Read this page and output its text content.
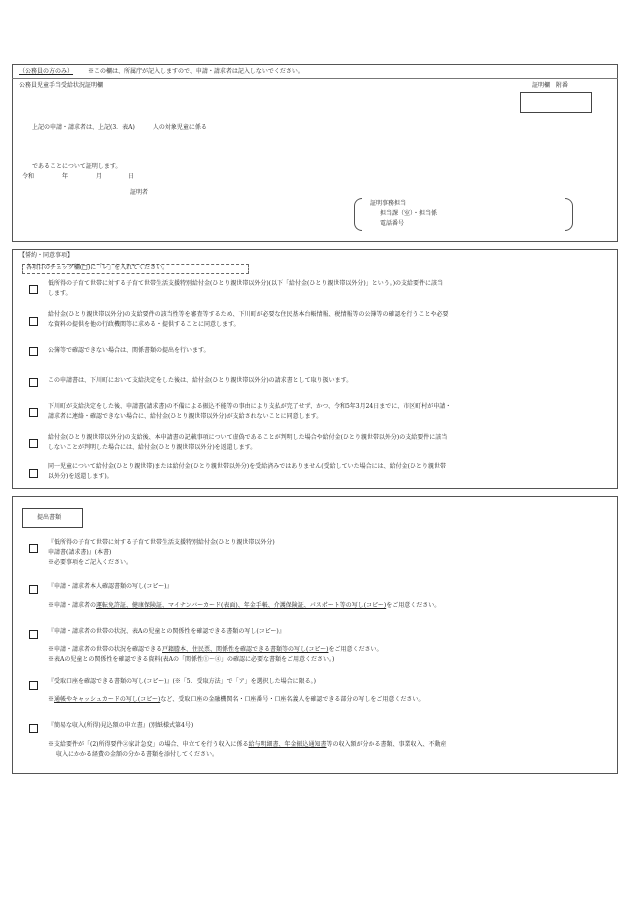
（公務員の方のみ） ※この欄は、所属庁が記入しますので、申請・請求者は記入しないでください。
公務員児童手当受給状況証明欄	証明欄　附番
上記の申請・請求者は、上記(3．表A)　　　人の対象児童に係る
であることについて証明します。
令和	年	月	日
証明者
証明事務担当
担当課（室）・担当係
電話番号
【誓約・同意事項】
各項目のチェック欄(□)に「レ」を入れてください。
低所得の子育て世帯に対する子育て世帯生活支援特別給付金(ひとり親世帯以外分)(以下「給付金(ひとり親世帯以外分)」という。)の支給要件に該当
します。
給付金(ひとり親世帯以外分)の支給要件の該当性等を審査等するため、下川町が必要な住民基本台帳情報、税情報等の公簿等の確認を行うことや必要
な資料の提供を他の行政機関等に求める・提供することに同意します。
公簿等で確認できない場合は、関係書類の提出を行います。
この申請書は、下川町において支給決定をした後は、給付金(ひとり親世帯以外分)の請求書として取り扱います。
下川町が支給決定をした後、申請書(請求書)の不備による振込不能等の事由により支払が完了せず、かつ、令和5年3月24日までに、市区町村が申請・
請求者に連絡・確認できない場合に、給付金(ひとり親世帯以外分)が支給されないことに同意します。
給付金(ひとり親世帯以外分)の支給後、本申請書の記載事項について虚偽であることが判明した場合や給付金(ひとり親世帯以外分)の支給要件に該当
しないことが判明した場合には、給付金(ひとり親世帯以外分)を返還します。
同一児童について給付金(ひとり親世帯)または給付金(ひとり親世帯以外分)を受給済みではありません(受給していた場合には、給付金(ひとり親世帯
以外分)を返還します)。
提出書類
『低所得の子育て世帯に対する子育て世帯生活支援特別給付金(ひとり親世帯以外分)
申請書(請求書)』(本書)
※必要事項をご記入ください。
『申請・請求者本人確認書類の写し(コピー)』
※申請・請求者の運転免許証、健康保険証、マイナンバーカード(表面)、年金手帳、介護保険証、パスポート等の写し(コピー)をご用意ください。
『申請・請求者の世帯の状況、表Aの児童との関係性を確認できる書類の写し(コピー)』
※申請・請求者の世帯の状況を確認できる戸籍謄本、住民票、関係性を確認できる書類等の写し(コピー)をご用意ください。
※表Aの児童との関係性を確認できる資料(表Aの「関係性①～④」の確認に必要な書類をご用意ください。)
『受取口座を確認できる書類の写し(コピー)』(※「5．受取方法」で「ア」を選択した場合に限る。)
※通帳やキャッシュカードの写し(コピー)など、受取口座の金融機関名・口座番号・口座名義人を確認できる部分の写しをご用意ください。
『簡易な収入(所得)見込額の申立書』(別紙様式第4号)
※支給要件が「(2)所得要件②家計急変」の場合、申立てを行う収入に係る給与明細書、年金振込通知書等の収入額が分かる書類、事業収入、不動産
収入にかかる経費の金額の分かる書類を添付してください。
